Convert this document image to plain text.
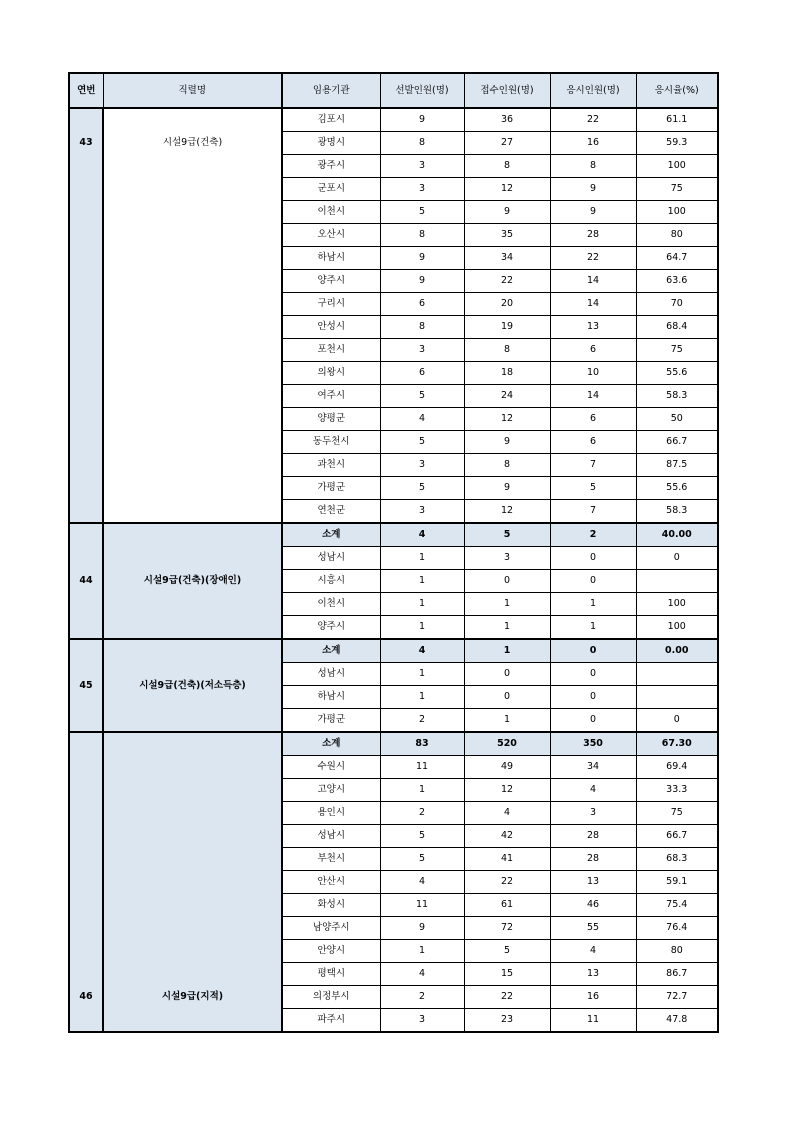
연번	직렬명	임용기관	선발인원(명)	접수인원(명)	응시인원(명)	응시율(%)
43	시설9급(건축)	김포시	9	36	22	61.1
		광명시	8	27	16	59.3
		광주시	3	8	8	100
		군포시	3	12	9	75
		이천시	5	9	9	100
		오산시	8	35	28	80
		하남시	9	34	22	64.7
		양주시	9	22	14	63.6
		구리시	6	20	14	70
		안성시	8	19	13	68.4
		포천시	3	8	6	75
		의왕시	6	18	10	55.6
		여주시	5	24	14	58.3
		양평군	4	12	6	50
		동두천시	5	9	6	66.7
		과천시	3	8	7	87.5
		가평군	5	9	5	55.6
		연천군	3	12	7	58.3
44	시설9급(건축)(장애인)	소계	4	5	2	40.00
		성남시	1	3	0	0
		시흥시	1	0	0	
		이천시	1	1	1	100
		양주시	1	1	1	100
45	시설9급(건축)(저소득층)	소계	4	1	0	0.00
		성남시	1	0	0	
		하남시	1	0	0	
		가평군	2	1	0	0
46	시설9급(지적)	소계	83	520	350	67.30
		수원시	11	49	34	69.4
		고양시	1	12	4	33.3
		용인시	2	4	3	75
		성남시	5	42	28	66.7
		부천시	5	41	28	68.3
		안산시	4	22	13	59.1
		화성시	11	61	46	75.4
		남양주시	9	72	55	76.4
		안양시	1	5	4	80
		평택시	4	15	13	86.7
		의정부시	2	22	16	72.7
		파주시	3	23	11	47.8
